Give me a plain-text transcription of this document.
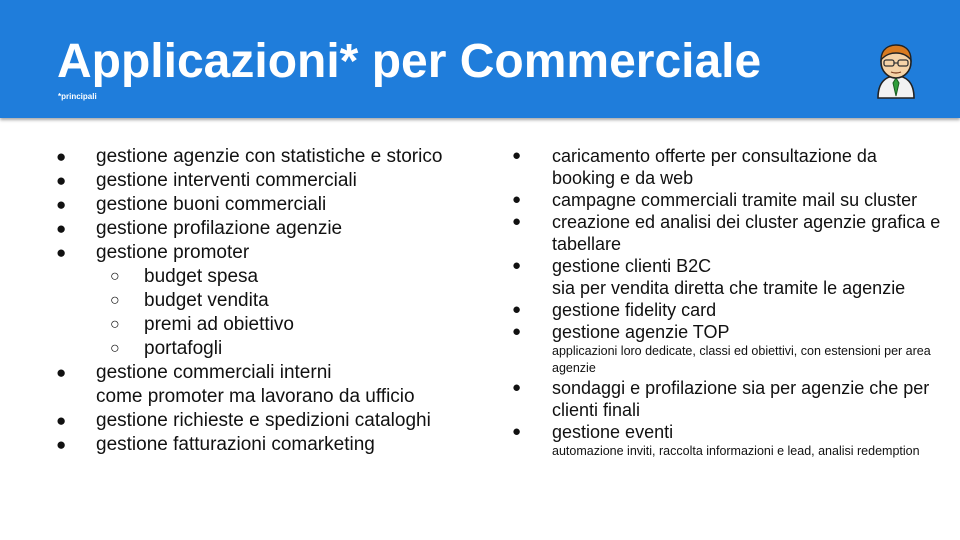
Applicazioni* per Commerciale
*principali
● gestione agenzie con statistiche e storico
● gestione interventi commerciali
● gestione buoni commerciali
● gestione profilazione agenzie
● gestione promoter
○ budget spesa
○ budget vendita
○ premi ad obiettivo
○ portafogli
● gestione commerciali interni
come promoter ma lavorano da ufficio
● gestione richieste e spedizioni cataloghi
● gestione fatturazioni comarketing
● caricamento offerte per consultazione da booking e da web
● campagne commerciali tramite mail su cluster
● creazione ed analisi dei cluster agenzie grafica e tabellare
● gestione clienti B2C
sia per vendita diretta che tramite le agenzie
● gestione fidelity card
● gestione agenzie TOP
applicazioni loro dedicate, classi ed obiettivi, con estensioni per area agenzie
● sondaggi e profilazione sia per agenzie che per clienti finali
● gestione eventi
automazione inviti, raccolta informazioni e lead, analisi redemption
